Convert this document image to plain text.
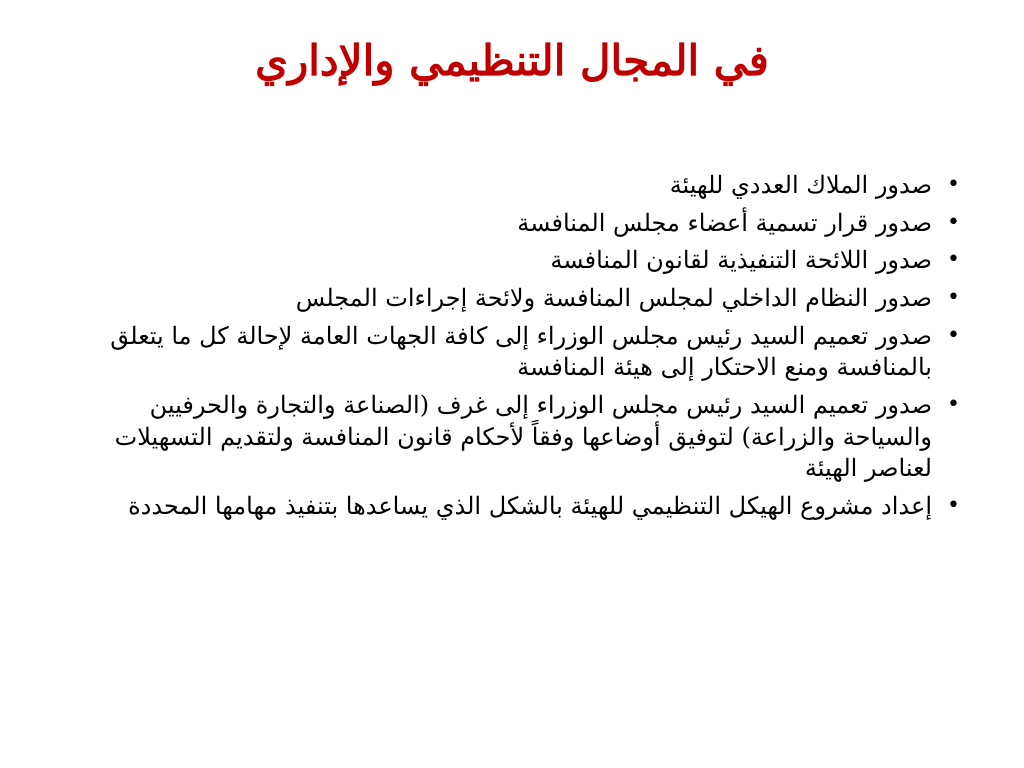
في المجال التنظيمي والإداري
•
صدور الملاك العددي للهيئة
•
صدور قرار تسمية أعضاء مجلس المنافسة
•
صدور اللائحة التنفيذية لقانون المنافسة
•
صدور النظام الداخلي لمجلس المنافسة ولائحة إجراءات المجلس
•
صدور تعميم السيد رئيس مجلس الوزراء إلى كافة الجهات العامة لإحالة كل ما يتعلق بالمنافسة ومنع الاحتكار إلى هيئة المنافسة
•
صدور تعميم السيد رئيس مجلس الوزراء إلى غرف (الصناعة والتجارة والحرفيين والسياحة والزراعة) لتوفيق أوضاعها وفقاً لأحكام قانون المنافسة ولتقديم التسهيلات لعناصر الهيئة
•
إعداد مشروع الهيكل التنظيمي للهيئة بالشكل الذي يساعدها بتنفيذ مهامها المحددة
